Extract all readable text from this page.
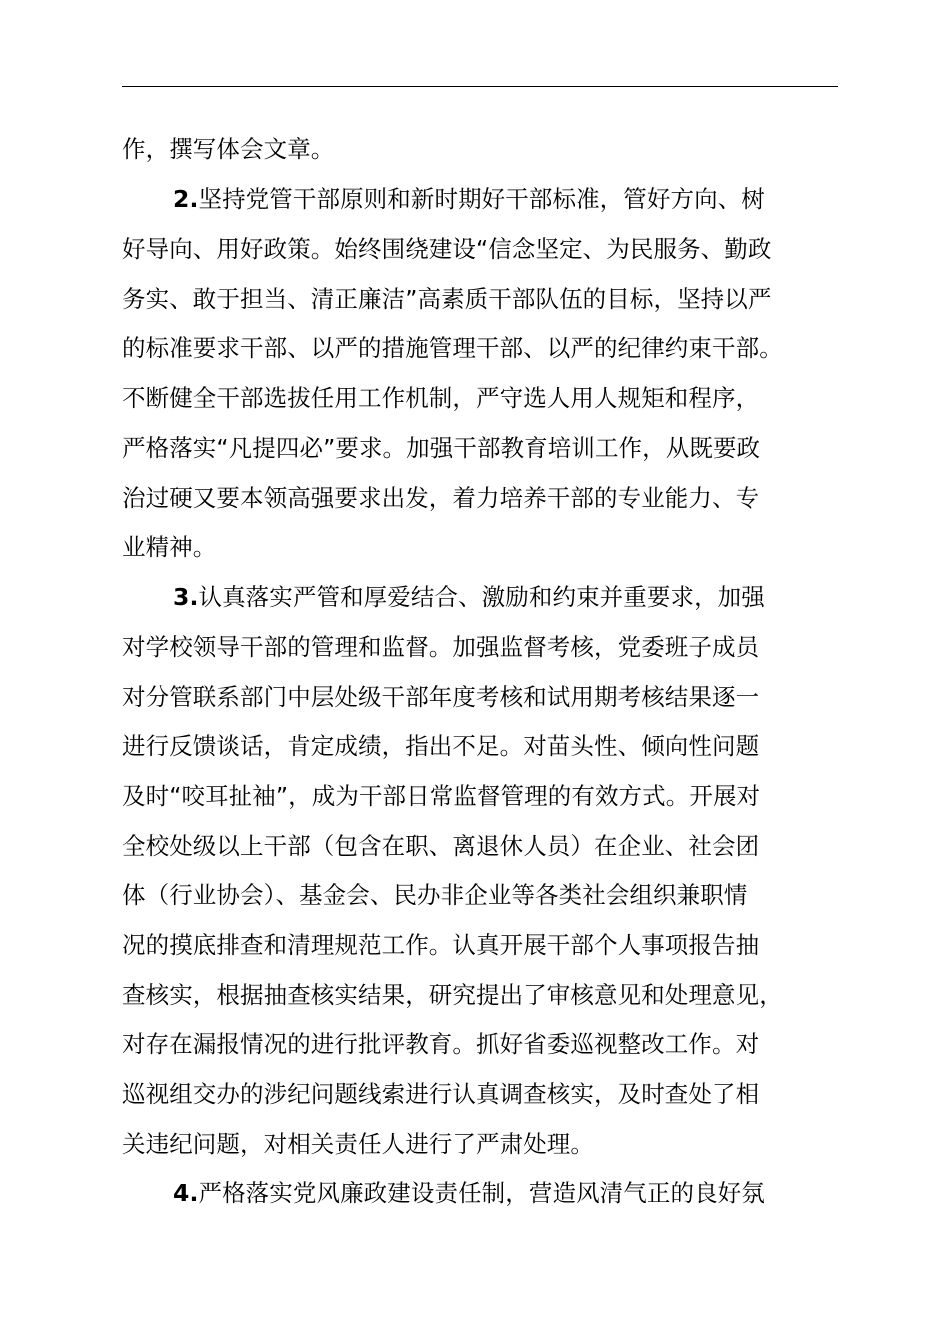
作，撰写体会文章。
2.坚持党管干部原则和新时期好干部标准，管好方向、树
好导向、用好政策。始终围绕建设“信念坚定、为民服务、勤政
务实、敢于担当、清正廉洁”高素质干部队伍的目标，坚持以严
的标准要求干部、以严的措施管理干部、以严的纪律约束干部。
不断健全干部选拔任用工作机制，严守选人用人规矩和程序，
严格落实“凡提四必”要求。加强干部教育培训工作，从既要政
治过硬又要本领高强要求出发，着力培养干部的专业能力、专
业精神。
3.认真落实严管和厚爱结合、激励和约束并重要求，加强
对学校领导干部的管理和监督。加强监督考核，党委班子成员
对分管联系部门中层处级干部年度考核和试用期考核结果逐一
进行反馈谈话，肯定成绩，指出不足。对苗头性、倾向性问题
及时“咬耳扯袖”，成为干部日常监督管理的有效方式。开展对
全校处级以上干部（包含在职、离退休人员）在企业、社会团
体（行业协会）、基金会、民办非企业等各类社会组织兼职情
况的摸底排查和清理规范工作。认真开展干部个人事项报告抽
查核实，根据抽查核实结果，研究提出了审核意见和处理意见，
对存在漏报情况的进行批评教育。抓好省委巡视整改工作。对
巡视组交办的涉纪问题线索进行认真调查核实，及时查处了相
关违纪问题，对相关责任人进行了严肃处理。
4.严格落实党风廉政建设责任制，营造风清气正的良好氛
